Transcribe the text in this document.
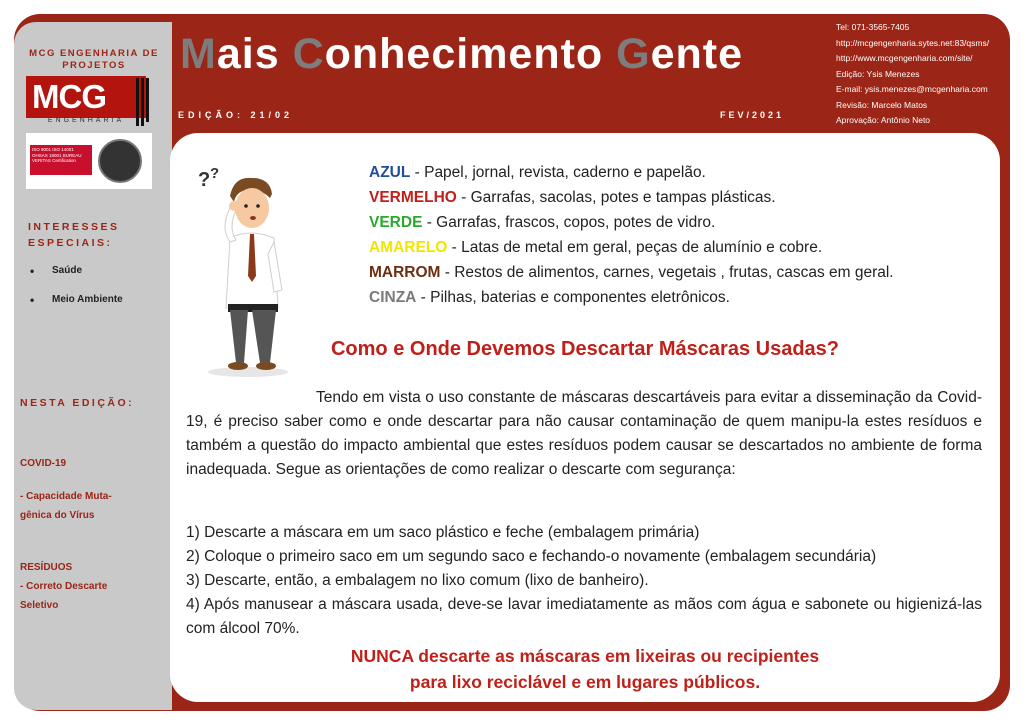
MCG ENGENHARIA DE PROJETOS
MCG
ENGENHARIA
ISO 9001 ISO 14001 OHSAS 18001 BUREAU VERITAS Certification
INTERESSES ESPECIAIS:
• Saúde
• Meio Ambiente
NESTA EDIÇÃO:
COVID-19
- Capacidade Muta-
gênica do Vírus
RESÍDUOS
- Correto Descarte
Seletivo
Mais Conhecimento Gente
EDIÇÃO: 21/02	FEV/2021
Tel: 071-3565-7405
http://mcgengenharia.sytes.net:83/qsms/
http://www.mcgengenharia.com/site/
Edição: Ysis Menezes
E-mail: ysis.menezes@mcgenharia.com
Revisão: Marcelo Matos
Aprovação: Antônio Neto
? ?	AZUL - Papel, jornal, revista, caderno e papelão.
VERMELHO - Garrafas, sacolas, potes e tampas plásticas.
VERDE - Garrafas, frascos, copos, potes de vidro.
AMARELO - Latas de metal em geral, peças de alumínio e cobre.
MARROM - Restos de alimentos, carnes, vegetais , frutas, cascas em geral.
CINZA - Pilhas, baterias e componentes eletrônicos.
Como e Onde Devemos Descartar Máscaras Usadas?
Tendo em vista o uso constante de máscaras descartáveis para evitar a disseminação da Covid-19, é preciso saber como e onde descartar para não causar contaminação de quem manipu-la estes resíduos e também a questão do impacto ambiental que estes resíduos podem causar se descartados no ambiente de forma inadequada. Segue as orientações de como realizar o descarte com segurança:
1) Descarte a máscara em um saco plástico e feche (embalagem primária)
2) Coloque o primeiro saco em um segundo saco e fechando-o novamente (embalagem secundária)
3) Descarte, então, a embalagem no lixo comum (lixo de banheiro).
4) Após manusear a máscara usada, deve-se lavar imediatamente as mãos com água e sabonete ou higienizá-las com álcool 70%.
NUNCA descarte as máscaras em lixeiras ou recipientes
para lixo reciclável e em lugares públicos.
